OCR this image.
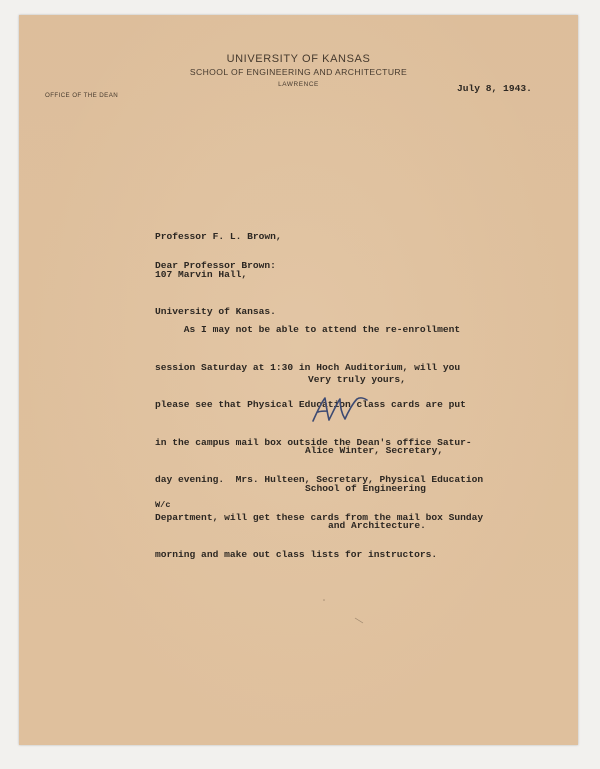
UNIVERSITY OF KANSAS
SCHOOL OF ENGINEERING AND ARCHITECTURE
LAWRENCE
OFFICE OF THE DEAN
July 8, 1943.

Professor F. L. Brown,

107 Marvin Hall,

University of Kansas.

Dear Professor Brown:

As I may not be able to attend the re-enrollment

session Saturday at 1:30 in Hoch Auditorium, will you

please see that Physical Education class cards are put

in the campus mail box outside the Dean's office Satur-

day evening.  Mrs. Hulteen, Secretary, Physical Education

Department, will get these cards from the mail box Sunday

morning and make out class lists for instructors.

Very truly yours,

Alice Winter, Secretary,

School of Engineering

and Architecture.

W/c
